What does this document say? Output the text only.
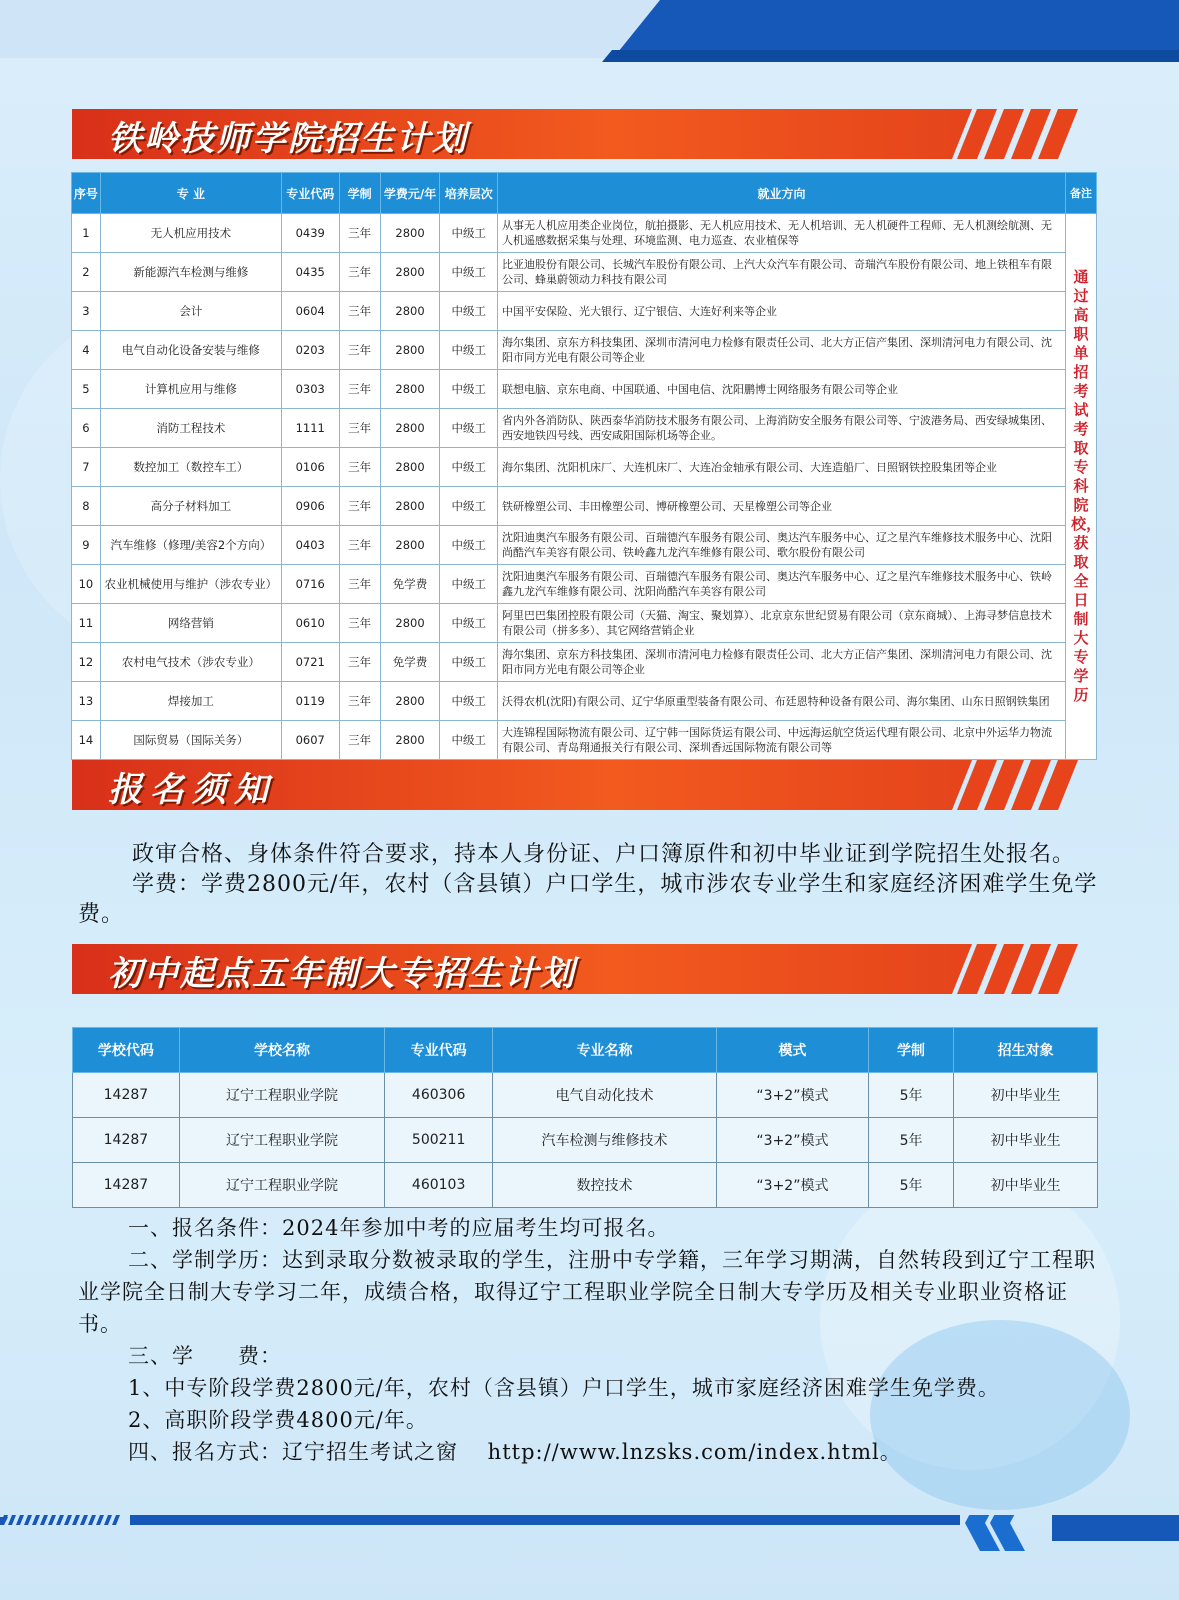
铁岭技师学院招生计划
序号	专 业	专业代码	学制	学费元/年	培养层次	就业方向	备注
1	无人机应用技术	0439	三年	2800	中级工	从事无人机应用类企业岗位，航拍摄影、无人机应用技术、无人机培训、无人机硬件工程师、无人机测绘航测、无人机遥感数据采集与处理、环境监测、电力巡查、农业植保等	通过高职单招考试考取专科院校，获取全日制大专学历
2	新能源汽车检测与维修	0435	三年	2800	中级工	比亚迪股份有限公司、长城汽车股份有限公司、上汽大众汽车有限公司、奇瑞汽车股份有限公司、地上铁租车有限公司、蜂巢蔚领动力科技有限公司	
3	会计	0604	三年	2800	中级工	中国平安保险、光大银行、辽宁银信、大连好利来等企业	
4	电气自动化设备安装与维修	0203	三年	2800	中级工	海尔集团、京东方科技集团、深圳市清河电力检修有限责任公司、北大方正信产集团、深圳清河电力有限公司、沈阳市同方光电有限公司等企业	
5	计算机应用与维修	0303	三年	2800	中级工	联想电脑、京东电商、中国联通、中国电信、沈阳鹏博士网络服务有限公司等企业	
6	消防工程技术	1111	三年	2800	中级工	省内外各消防队、陕西泰华消防技术服务有限公司、上海消防安全服务有限公司等、宁波港务局、西安绿城集团、西安地铁四号线、西安咸阳国际机场等企业。	
7	数控加工（数控车工）	0106	三年	2800	中级工	海尔集团、沈阳机床厂、大连机床厂、大连冶金轴承有限公司、大连造船厂、日照钢铁控股集团等企业	
8	高分子材料加工	0906	三年	2800	中级工	铁研橡塑公司、丰田橡塑公司、博研橡塑公司、天星橡塑公司等企业	
9	汽车维修（修理/美容2个方向）	0403	三年	2800	中级工	沈阳迪奥汽车服务有限公司、百瑞德汽车服务有限公司、奥达汽车服务中心、辽之星汽车维修技术服务中心、沈阳尚酷汽车美容有限公司、铁岭鑫九龙汽车维修有限公司、歌尔股份有限公司	
10	农业机械使用与维护（涉农专业）	0716	三年	免学费	中级工	沈阳迪奥汽车服务有限公司、百瑞德汽车服务有限公司、奥达汽车服务中心、辽之星汽车维修技术服务中心、铁岭鑫九龙汽车维修有限公司、沈阳尚酷汽车美容有限公司	
11	网络营销	0610	三年	2800	中级工	阿里巴巴集团控股有限公司（天猫、淘宝、聚划算）、北京京东世纪贸易有限公司（京东商城）、上海寻梦信息技术有限公司（拼多多）、其它网络营销企业	
12	农村电气技术（涉农专业）	0721	三年	免学费	中级工	海尔集团、京东方科技集团、深圳市清河电力检修有限责任公司、北大方正信产集团、深圳清河电力有限公司、沈阳市同方光电有限公司等企业	
13	焊接加工	0119	三年	2800	中级工	沃得农机(沈阳)有限公司、辽宁华原重型装备有限公司、布廷恩特种设备有限公司、海尔集团、山东日照钢铁集团	
14	国际贸易（国际关务）	0607	三年	2800	中级工	大连锦程国际物流有限公司、辽宁韩一国际货运有限公司、中远海运航空货运代理有限公司、北京中外运华力物流有限公司、青岛翔通报关行有限公司、深圳香远国际物流有限公司等	
报名须知

政审合格、身体条件符合要求，持本人身份证、户口簿原件和初中毕业证到学院招生处报名。

学费：学费2800元/年，农村（含县镇）户口学生，城市涉农专业学生和家庭经济困难学生免学费。

初中起点五年制大专招生计划
学校代码	学校名称	专业代码	专业名称	模式	学制	招生对象
14287	辽宁工程职业学院	460306	电气自动化技术	“3+2”模式	5年	初中毕业生
14287	辽宁工程职业学院	500211	汽车检测与维修技术	“3+2”模式	5年	初中毕业生
14287	辽宁工程职业学院	460103	数控技术	“3+2”模式	5年	初中毕业生

一、报名条件：2024年参加中考的应届考生均可报名。

二、学制学历：达到录取分数被录取的学生，注册中专学籍，三年学习期满，自然转段到辽宁工程职业学院全日制大专学习二年，成绩合格，取得辽宁工程职业学院全日制大专学历及相关专业职业资格证书。

三、学　　费：

1、中专阶段学费2800元/年，农村（含县镇）户口学生，城市家庭经济困难学生免学费。

2、高职阶段学费4800元/年。

四、报名方式：辽宁招生考试之窗　 http://www.lnzsks.com/index.html。
